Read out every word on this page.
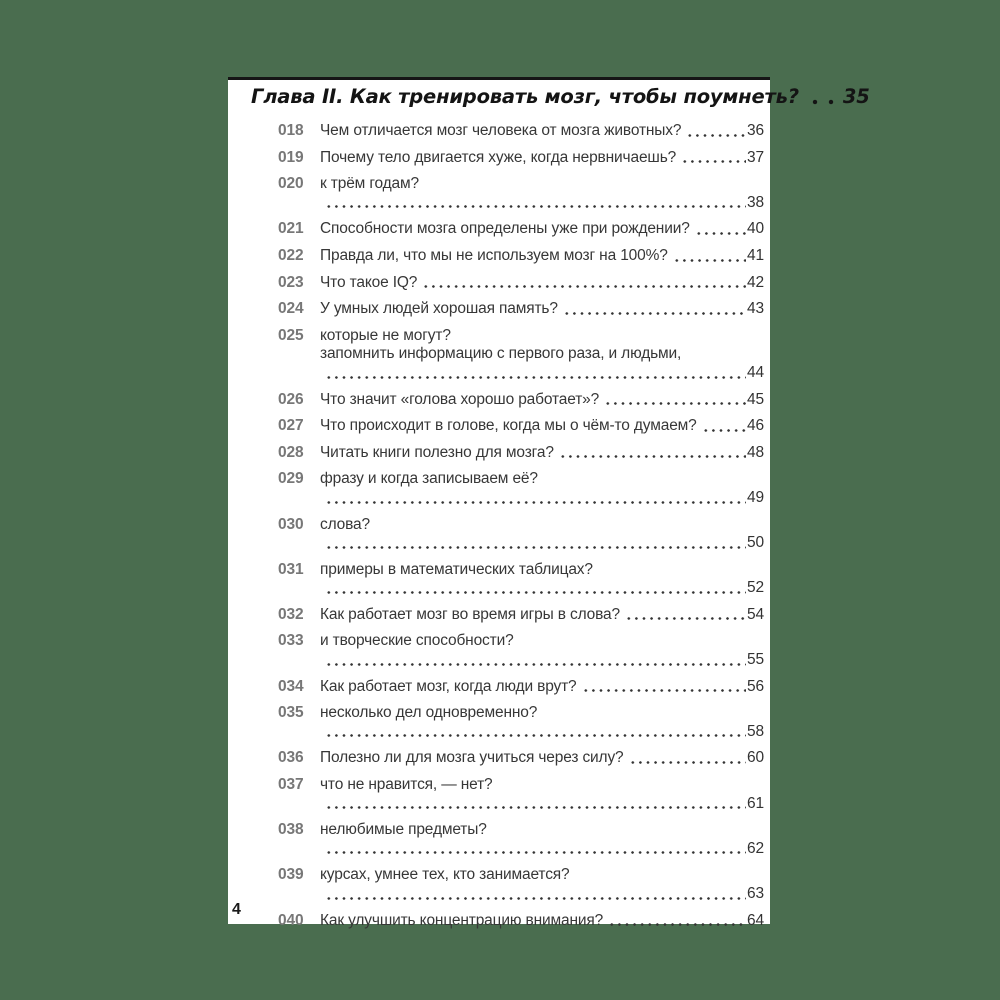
Глава II. Как тренировать мозг, чтобы поумнеть? 35
018	Чем отличается мозг человека от мозга животных?	36
019	Почему тело двигается хуже, когда нервничаешь?	37
020	к трём годам?
38
021	Способности мозга определены уже при рождении?	40
022	Правда ли, что мы не используем мозг на 100%?	41
023	Что такое IQ?	42
024	У умных людей хорошая память?	43
025	которые не могут?
запомнить информацию с первого раза, и людьми,
44
026	Что значит «голова хорошо работает»?	45
027	Что происходит в голове, когда мы о чём-то думаем?	46
028	Читать книги полезно для мозга?	48
029	фразу и когда записываем её?
49
030	слова?
50
031	примеры в математических таблицах?
52
032	Как работает мозг во время игры в слова?	54
033	и творческие способности?
55
034	Как работает мозг, когда люди врут?	56
035	несколько дел одновременно?
58
036	Полезно ли для мозга учиться через силу?	60
037	что не нравится, — нет?
61
038	нелюбимые предметы?
62
039	курсах, умнее тех, кто занимается?
63
040	Как улучшить концентрацию внимания?	64
4
